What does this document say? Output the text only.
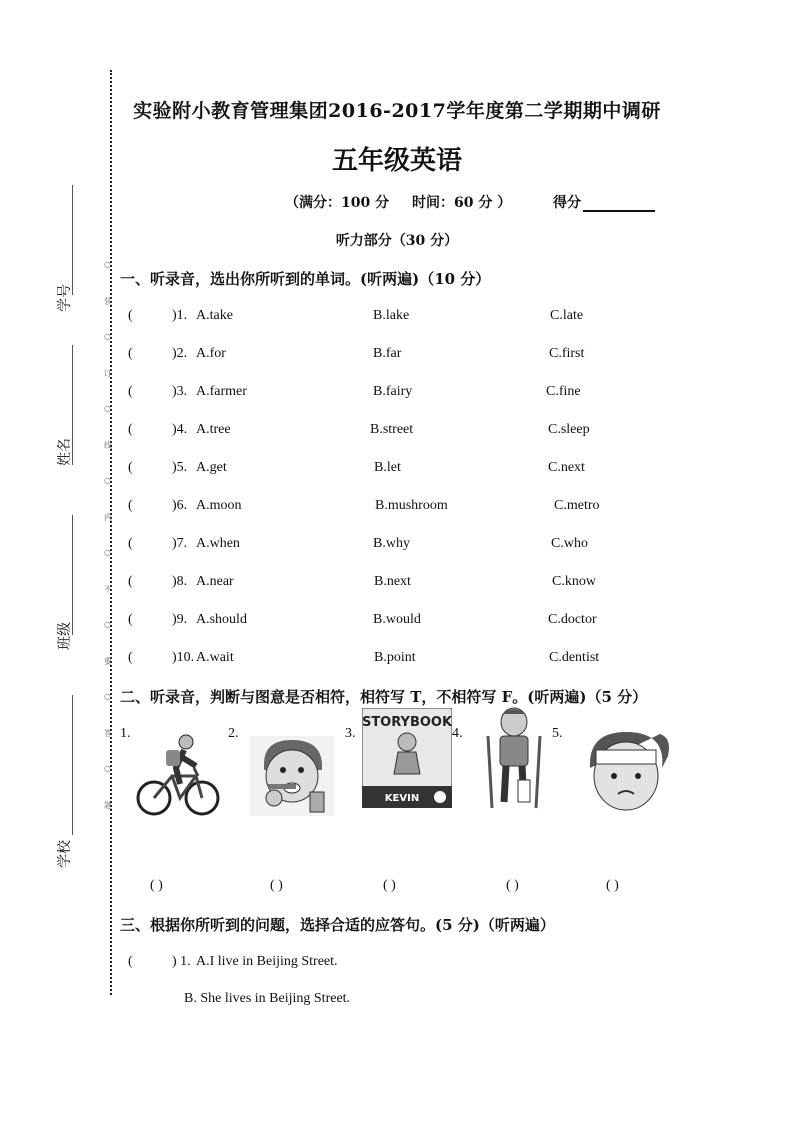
实验附小教育管理集团2016-2017学年度第二学期期中调研
五年级英语
（满分：100 分 时间：60 分 ）	得分
听力部分（30 分）
学号
姓名
班级
学校
○
装
○
订
○
线
○
内
○
不
○
要
○
答
○
题
一、听录音，选出你所听到的单词。(听两遍)（10 分）
(	)1. A.take	B.lake	C.late
(	)2. A.for	B.far	C.first
(	)3. A.farmer	B.fairy	C.fine
(	)4. A.tree	B.street	C.sleep
(	)5. A.get	B.let	C.next
(	)6. A.moon	B.mushroom	C.metro
(	)7. A.when	B.why	C.who
(	)8. A.near	B.next	C.know
(	)9. A.should	B.would	C.doctor
(	)10. A.wait	B.point	C.dentist
二、听录音，判断与图意是否相符，相符写 T，不相符写 F。(听两遍)（5 分）
1.	2.	3.
STORYBOOK
KEVIN
4.	5.
( )	( )	( )	( )	( )
三、根据你所听到的问题，选择合适的应答句。(5 分)（听两遍）
(	) 1. A.I live in Beijing Street.
B. She lives in Beijing Street.
